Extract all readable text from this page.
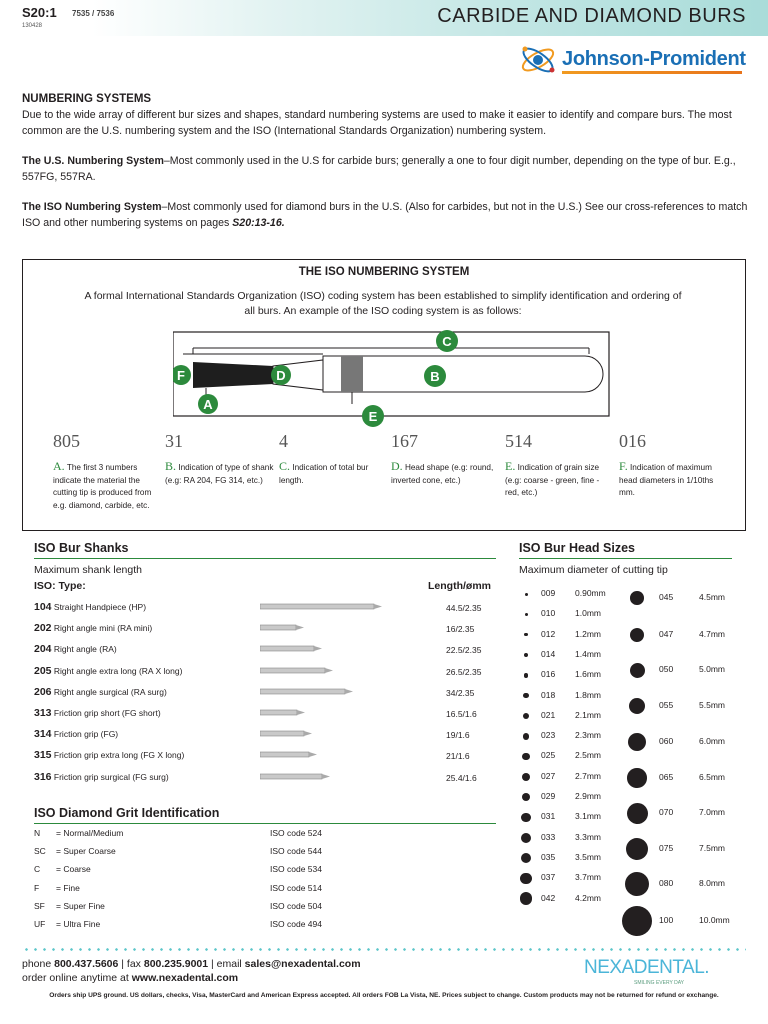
S20:1 7535 / 7536
130428	CARBIDE AND DIAMOND BURS
Johnson-Promident
NUMBERING SYSTEMS

Due to the wide array of different bur sizes and shapes, standard numbering systems are used to make it easier to identify and compare burs. The most common are the U.S. numbering system and the ISO (International Standards Organization) numbering system.

The U.S. Numbering System–Most commonly used in the U.S for carbide burs; generally a one to four digit number, depending on the type of bur. E.g., 557FG, 557RA.

The ISO Numbering System–Most commonly used for diamond burs in the U.S. (Also for carbides, but not in the U.S.) See our cross-references to match ISO and other numbering systems on pages S20:13-16.

THE ISO NUMBERING SYSTEM
A formal International Standards Organization (ISO) coding system has been established to simplify identification and ordering of all burs. An example of the ISO coding system is as follows:
A
B
C
D
E
F
805
A. The first 3 numbers indicate the material the cutting tip is produced from e.g. diamond, carbide, etc.
31
B. Indication of type of shank (e.g: RA 204, FG 314, etc.)
4
C. Indication of total bur length.
167
D. Head shape (e.g: round, inverted cone, etc.)
514
E. Indication of grain size (e.g: coarse - green, fine - red, etc.)
016
F. Indication of maximum head diameters in 1/10ths mm.
ISO Bur Shanks
Maximum shank length
ISO: Type:	Length/ømm
104 Straight Handpiece (HP)	44.5/2.35
202 Right angle mini (RA mini)	16/2.35
204 Right angle (RA)	22.5/2.35
205 Right angle extra long (RA X long)	26.5/2.35
206 Right angle surgical (RA surg)	34/2.35
313 Friction grip short (FG short)	16.5/1.6
314 Friction grip (FG)	19/1.6
315 Friction grip extra long (FG X long)	21/1.6
316 Friction grip surgical (FG surg)	25.4/1.6
ISO Diamond Grit Identification
N = Normal/Medium	ISO code 524
SC = Super Coarse	ISO code 544
C = Coarse	ISO code 534
F = Fine	ISO code 514
SF = Super Fine	ISO code 504
UF = Ultra Fine	ISO code 494
ISO Bur Head Sizes
Maximum diameter of cutting tip
009 0.90mm
010 1.0mm
012 1.2mm
014 1.4mm
016 1.6mm
018 1.8mm
021 2.1mm
023 2.3mm
025 2.5mm
027 2.7mm
029 2.9mm
031 3.1mm
033 3.3mm
035 3.5mm
037 3.7mm
042 4.2mm
045	4.5mm
047	4.7mm
050	5.0mm
055	5.5mm
060	6.0mm
065	6.5mm
070	7.0mm
075	7.5mm
080	8.0mm
100	10.0mm
phone 800.437.5606 | fax 800.235.9001 | email sales@nexadental.com
order online anytime at www.nexadental.com	NEXADENTAL.
SMILING EVERY DAY
Orders ship UPS ground. US dollars, checks, Visa, MasterCard and American Express accepted. All orders FOB La Vista, NE. Prices subject to change. Custom products may not be returned for refund or exchange.
